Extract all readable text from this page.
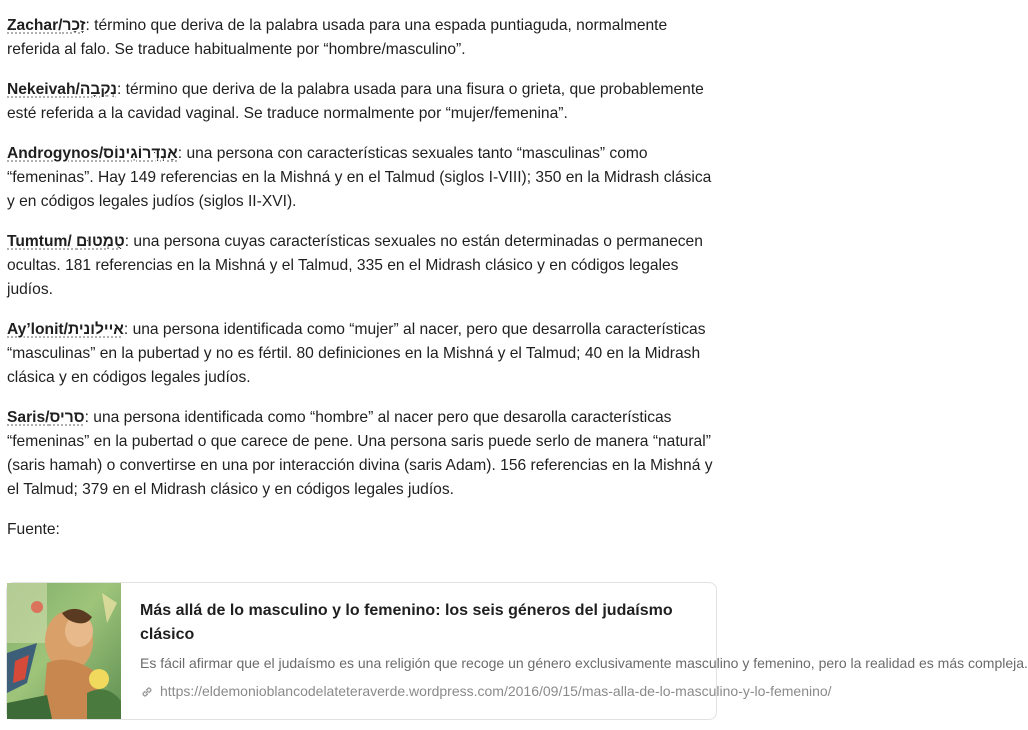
Zachar/זָכָר: término que deriva de la palabra usada para una espada puntiaguda, normalmente referida al falo. Se traduce habitualmente por “hombre/masculino”.

Nekeivah/נְקֵבָה: término que deriva de la palabra usada para una fisura o grieta, que probablemente esté referida a la cavidad vaginal. Se traduce normalmente por “mujer/femenina”.

Androgynos/אַנְדְּרוֹגִינוֹס: una persona con características sexuales tanto “masculinas” como “femeninas”. Hay 149 referencias en la Mishná y en el Talmud (siglos I-VIII); 350 en la Midrash clásica y en códigos legales judíos (siglos II-XVI).

Tumtum/ טֻמְטוּם: una persona cuyas características sexuales no están determinadas o permanecen ocultas. 181 referencias en la Mishná y el Talmud, 335 en el Midrash clásico y en códigos legales judíos.

Ay’lonit/איילונית: una persona identificada como “mujer” al nacer, pero que desarrolla características “masculinas” en la pubertad y no es fértil. 80 definiciones en la Mishná y el Talmud; 40 en la Midrash clásica y en códigos legales judíos.

Saris/סריס: una persona identificada como “hombre” al nacer pero que desarolla características “femeninas” en la pubertad o que carece de pene. Una persona saris puede serlo de manera “natural” (saris hamah) o convertirse en una por interacción divina (saris Adam). 156 referencias en la Mishná y el Talmud; 379 en el Midrash clásico y en códigos legales judíos.

Fuente:

Más allá de lo masculino y lo femenino: los seis géneros del judaísmo clásico
Es fácil afirmar que el judaísmo es una religión que recoge un género exclusivamente masculino y femenino, pero la realidad es más compleja.
https://eldemonioblancodelateteraverde.wordpress.com/2016/09/15/mas-alla-de-lo-masculino-y-lo-femenino/
